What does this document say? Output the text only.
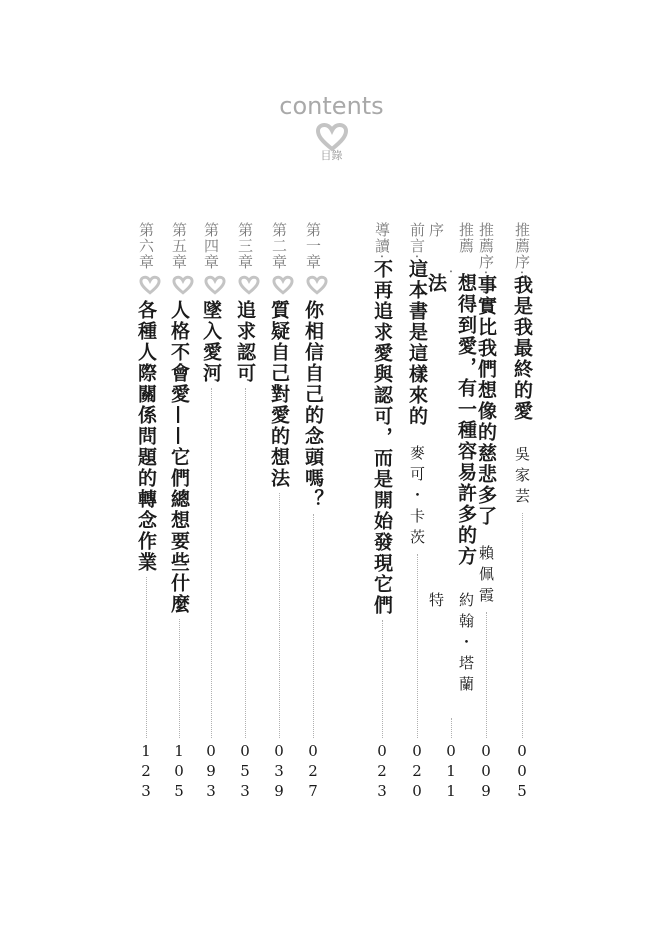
contents
目錄
推薦序
·
我是我最終的愛
吳家芸
005
推薦序
·
事實比我們想像的慈悲多了
賴佩霞
009
推薦序
·
想得到愛，有一種容易許多的方法
約翰・塔蘭特
011
前言
·
這本書是這樣來的
麥可・卡茨
020
導讀
·
不再追求愛與認可，而是開始發現它們
023
第一章
你相信自己的念頭嗎？
027
第二章
質疑自己對愛的想法
039
第三章
追求認可
053
第四章
墜入愛河
093
第五章
人格不會愛——它們總想要些什麼
105
第六章
各種人際關係問題的轉念作業
123
